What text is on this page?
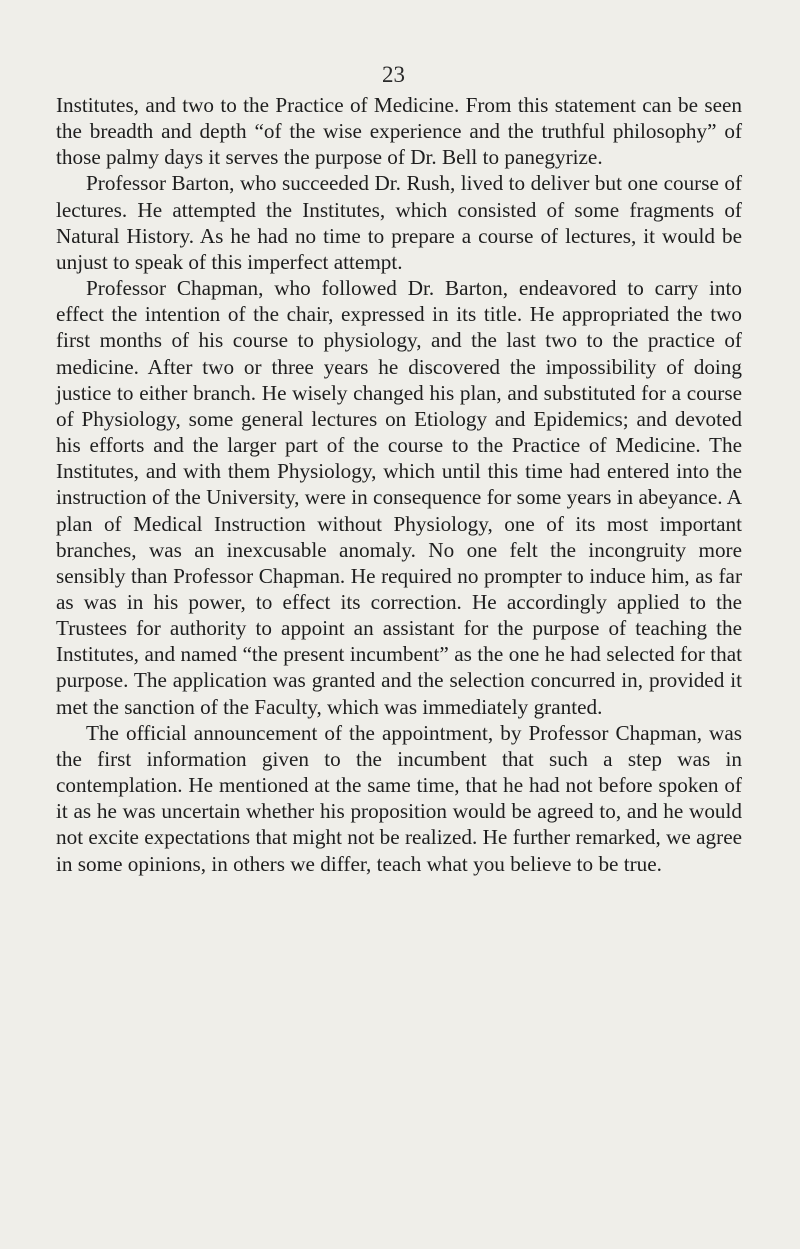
23

Institutes, and two to the Practice of Medicine. From this statement can be seen the breadth and depth “of the wise experience and the truthful philosophy” of those palmy days it serves the purpose of Dr. Bell to panegyrize.

Professor Barton, who succeeded Dr. Rush, lived to deliver but one course of lectures. He attempted the Institutes, which consisted of some fragments of Natural History. As he had no time to prepare a course of lectures, it would be unjust to speak of this imperfect attempt.

Professor Chapman, who followed Dr. Barton, endeavored to carry into effect the intention of the chair, expressed in its title. He appropriated the two first months of his course to physiology, and the last two to the practice of medicine. After two or three years he discovered the impossibility of doing justice to either branch. He wisely changed his plan, and substituted for a course of Physiology, some general lectures on Etiology and Epidemics; and devoted his efforts and the larger part of the course to the Practice of Medicine. The Institutes, and with them Physiology, which until this time had entered into the instruction of the University, were in consequence for some years in abeyance. A plan of Medical Instruction without Physiology, one of its most important branches, was an inexcusable anomaly. No one felt the incongruity more sensibly than Professor Chapman. He required no prompter to induce him, as far as was in his power, to effect its correction. He accordingly applied to the Trustees for authority to appoint an assistant for the purpose of teaching the Institutes, and named “the present incumbent” as the one he had selected for that purpose. The application was granted and the selection concurred in, provided it met the sanction of the Faculty, which was immediately granted.

The official announcement of the appointment, by Professor Chapman, was the first information given to the incumbent that such a step was in contemplation. He mentioned at the same time, that he had not before spoken of it as he was uncertain whether his proposition would be agreed to, and he would not excite expectations that might not be realized. He further remarked, we agree in some opinions, in others we differ, teach what you believe to be true.
